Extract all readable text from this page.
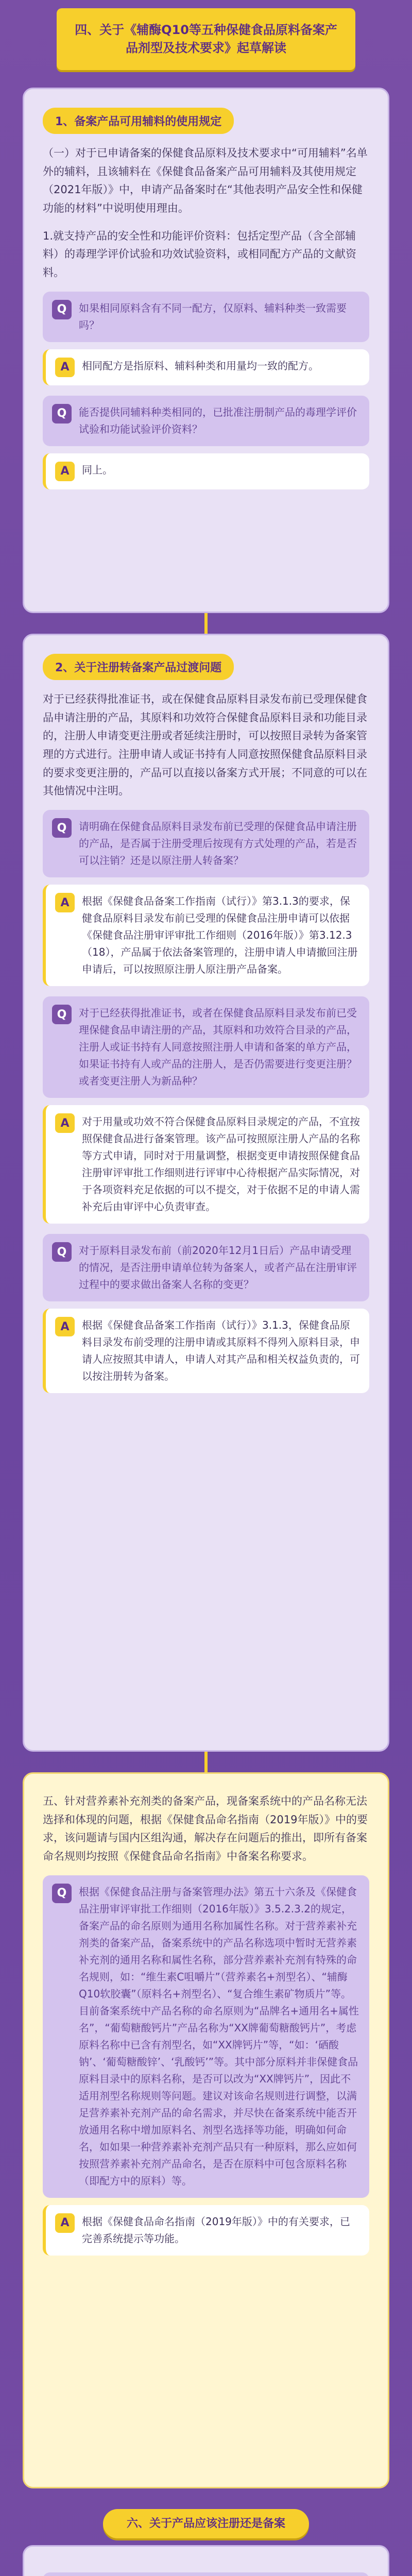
四、关于《辅酶Q10等五种保健食品原料备案产品剂型及技术要求》起草解读
1、备案产品可用辅料的使用规定

（一）对于已申请备案的保健食品原料及技术要求中“可用辅料”名单外的辅料，且该辅料在《保健食品备案产品可用辅料及其使用规定（2021年版）》中，申请产品备案时在“其他表明产品安全性和保健功能的材料”中说明使用理由。

1.就支持产品的安全性和功能评价资料：包括定型产品（含全部辅料）的毒理学评价试验和功效试验资料，或相同配方产品的文献资料。

Q	如果相同原料含有不同一配方，仅原料、辅料种类一致需要吗？
A	相同配方是指原料、辅料种类和用量均一致的配方。
Q	能否提供同辅料种类相同的，已批准注册制产品的毒理学评价试验和功能试验评价资料？
A	同上。
2、关于注册转备案产品过渡问题

对于已经获得批准证书，或在保健食品原料目录发布前已受理保健食品申请注册的产品，其原料和功效符合保健食品原料目录和功能目录的，注册人申请变更注册或者延续注册时，可以按照目录转为备案管理的方式进行。注册申请人或证书持有人同意按照保健食品原料目录的要求变更注册的，产品可以直接以备案方式开展；不同意的可以在其他情况中注明。

Q	请明确在保健食品原料目录发布前已受理的保健食品申请注册的产品，是否属于注册受理后按现有方式处理的产品，若是否可以注销？还是以原注册人转备案？
A	根据《保健食品备案工作指南（试行）》第3.1.3的要求，保健食品原料目录发布前已受理的保健食品注册申请可以依据《保健食品注册审评审批工作细则（2016年版）》第3.12.3（18），产品属于依法备案管理的，注册申请人申请撤回注册申请后，可以按照原注册人原注册产品备案。
Q	对于已经获得批准证书，或者在保健食品原料目录发布前已受理保健食品申请注册的产品，其原料和功效符合目录的产品，注册人或证书持有人同意按照注册人申请和备案的单方产品，如果证书持有人或产品的注册人，是否仍需要进行变更注册？或者变更注册人为新品种？
A	对于用量或功效不符合保健食品原料目录规定的产品，不宜按照保健食品进行备案管理。该产品可按照原注册人产品的名称等方式申请，同时对于用量调整，根据变更申请按照保健食品注册审评审批工作细则进行评审中心待根据产品实际情况，对于各项资料充足依据的可以不提交，对于依据不足的申请人需补充后由审评中心负责审查。
Q	对于原料目录发布前（前2020年12月1日后）产品申请受理的情况，是否注册申请单位转为备案人，或者产品在注册审评过程中的要求做出备案人名称的变更？
A	根据《保健食品备案工作指南（试行）》3.1.3，保健食品原料目录发布前受理的注册申请或其原料不得列入原料目录，申请人应按照其申请人，申请人对其产品和相关权益负责的，可以按注册转为备案。

五、针对营养素补充剂类的备案产品，现备案系统中的产品名称无法选择和体现的问题，根据《保健食品命名指南（2019年版）》中的要求，该问题请与国内区组沟通，解决存在问题后的推出，即所有备案命名规则均按照《保健食品命名指南》中备案名称要求。

Q	根据《保健食品注册与备案管理办法》第五十六条及《保健食品注册审评审批工作细则（2016年版）》3.5.2.3.2的规定，备案产品的命名原则为通用名称加属性名称。对于营养素补充剂类的备案产品，备案系统中的产品名称选项中暂时无营养素补充剂的通用名称和属性名称，部分营养素补充剂有特殊的命名规则，如：“维生素C咀嚼片”（营养素名+剂型名）、“辅酶Q10软胶囊”（原料名+剂型名）、“复合维生素矿物质片”等。目前备案系统中产品名称的命名原则为“品牌名+通用名+属性名”，“葡萄糖酸钙片”产品名称为“XX牌葡萄糖酸钙片”，考虑原料名称中已含有剂型名，如“XX牌钙片”等，“如：‘硒酸钠’、‘葡萄糖酸锌’、‘乳酸钙’”等。其中部分原料并非保健食品原料目录中的原料名称，是否可以改为“XX牌钙片”，因此不适用剂型名称规则等问题。建议对该命名规则进行调整，以满足营养素补充剂产品的命名需求，并尽快在备案系统中能否开放通用名称中增加原料名、剂型名选择等功能，明确如何命名，如如果一种营养素补充剂产品只有一种原料，那么应如何按照营养素补充剂产品命名，是否在原料中可包含原料名称（即配方中的原料）等。
A	根据《保健食品命名指南（2019年版）》中的有关要求，已完善系统提示等功能。
六、关于产品应该注册还是备案
